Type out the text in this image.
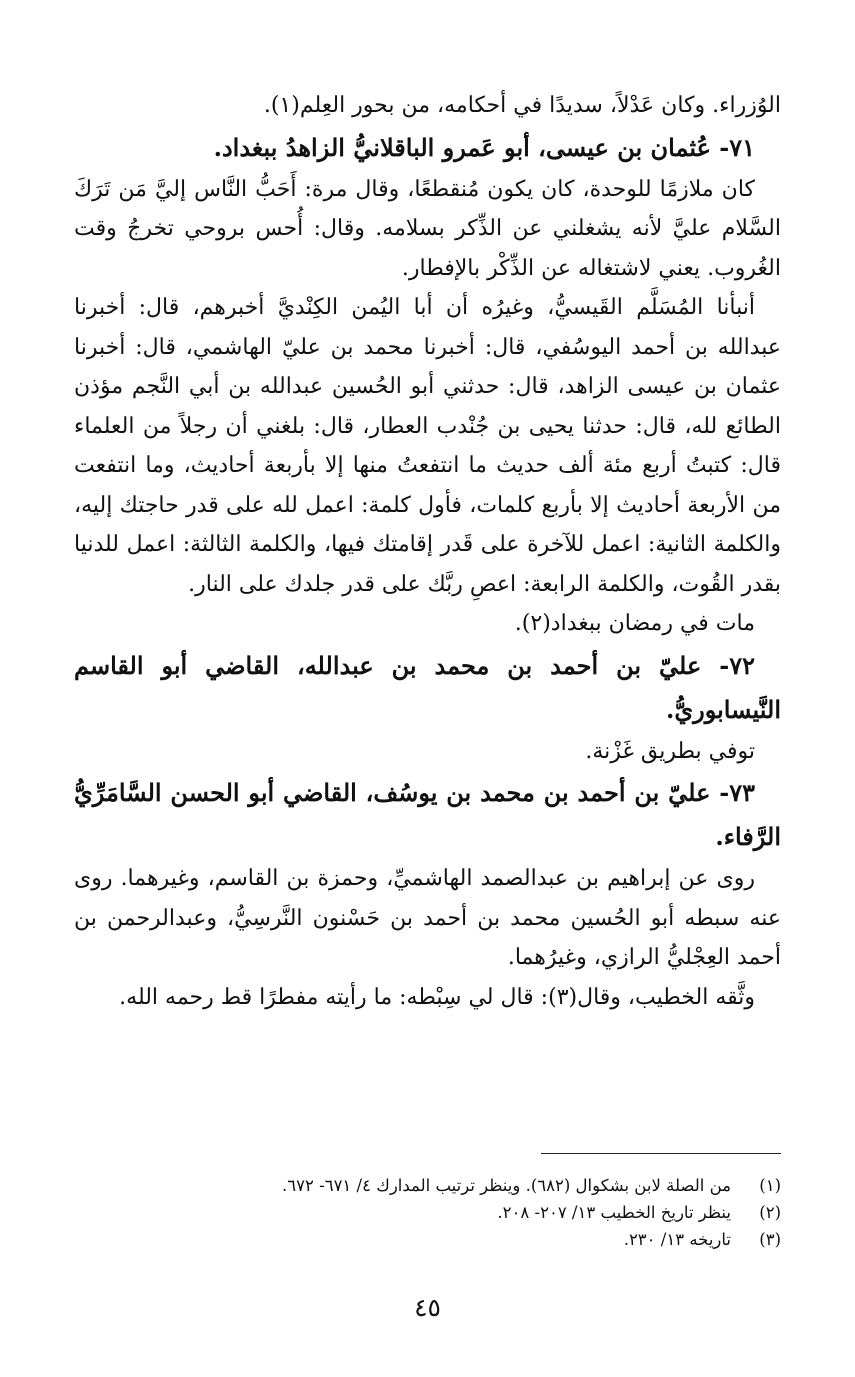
الوُزراء. وكان عَدْلاً، سديدًا في أحكامه، من بحور العِلم(١).

٧١- عُثمان بن عيسى، أبو عَمرو الباقلانيُّ الزاهدُ ببغداد.

كان ملازمًا للوحدة، كان يكون مُنقطعًا، وقال مرة: أَحَبُّ النَّاس إليَّ مَن تَرَكَ السَّلام عليَّ لأنه يشغلني عن الذِّكر بسلامه. وقال: أُحس بروحي تخرجُ وقت الغُروب. يعني لاشتغاله عن الذِّكْر بالإفطار.

أنبأنا المُسَلَّم القَيسيُّ، وغيرُه أن أبا اليُمن الكِنْديَّ أخبرهم، قال: أخبرنا عبدالله بن أحمد اليوسُفي، قال: أخبرنا محمد بن عليّ الهاشمي، قال: أخبرنا عثمان بن عيسى الزاهد، قال: حدثني أبو الحُسين عبدالله بن أبي النَّجم مؤذن الطائع لله، قال: حدثنا يحيى بن جُنْدب العطار، قال: بلغني أن رجلاً من العلماء قال: كتبتُ أربع مئة ألف حديث ما انتفعتُ منها إلا بأربعة أحاديث، وما انتفعت من الأربعة أحاديث إلا بأربع كلمات، فأول كلمة: اعمل لله على قدر حاجتك إليه، والكلمة الثانية: اعمل للآخرة على قَدر إقامتك فيها، والكلمة الثالثة: اعمل للدنيا بقدر القُوت، والكلمة الرابعة: اعصِ ربَّك على قدر جلدك على النار.

مات في رمضان ببغداد(٢).

٧٢- عليّ بن أحمد بن محمد بن عبدالله، القاضي أبو القاسم النَّيسابوريُّ.

توفي بطريق غَزْنة.

٧٣- عليّ بن أحمد بن محمد بن يوسُف، القاضي أبو الحسن السَّامَرِّيُّ الرَّفاء.

روى عن إبراهيم بن عبدالصمد الهاشميِّ، وحمزة بن القاسم، وغيرهما. روى عنه سبطه أبو الحُسين محمد بن أحمد بن حَسْنون النَّرسِيُّ، وعبدالرحمن بن أحمد العِجْليُّ الرازي، وغيرُهما.

وثَّقه الخطيب، وقال(٣): قال لي سِبْطه: ما رأيته مفطرًا قط رحمه الله.

(١)
من الصلة لابن بشكوال (٦٨٢). وينظر ترتيب المدارك ٤/ ٦٧١- ٦٧٢.
(٢)
ينظر تاريخ الخطيب ١٣/ ٢٠٧- ٢٠٨.
(٣)
تاريخه ١٣/ ٢٣٠.
٤٥
